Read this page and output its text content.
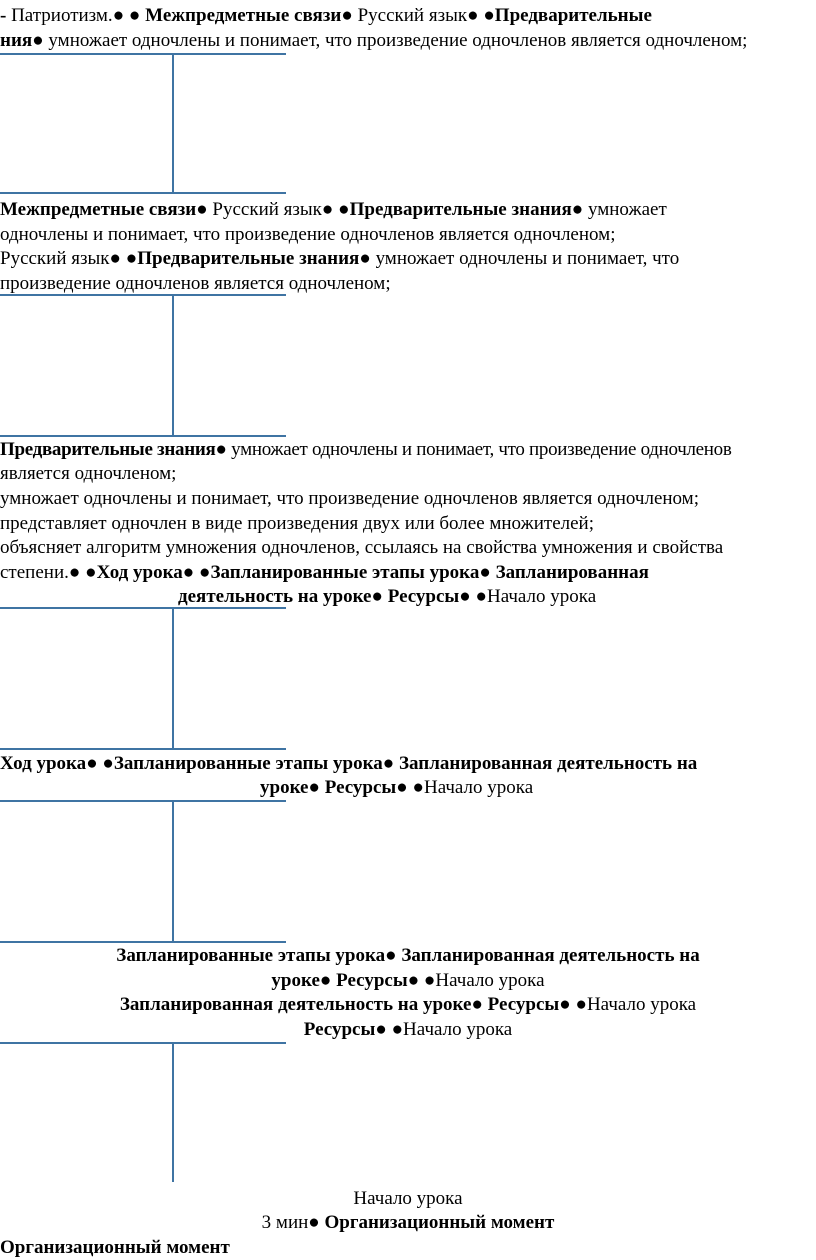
- Патриотизм.● ● Межпредметные связи● Русский язык● ●Предварительные
ния● умножает одночлены и понимает, что произведение одночленов является одночленом;
Межпредметные связи● Русский язык● ●Предварительные знания● умножает
одночлены и понимает, что произведение одночленов является одночленом;
Русский язык● ●Предварительные знания● умножает одночлены и понимает, что
произведение одночленов является одночленом;
Предварительные знания● умножает одночлены и понимает, что произведение одночленов
является одночленом;
умножает одночлены и понимает, что произведение одночленов является одночленом;
представляет одночлен в виде произведения двух или более множителей;
объясняет алгоритм умножения одночленов, ссылаясь на свойства умножения и свойства
степени.● ●Ход урока● ●Запланированные этапы урока● Запланированная
деятельность на уроке● Ресурсы● ●Начало урока
Ход урока● ●Запланированные этапы урока● Запланированная деятельность на
уроке● Ресурсы● ●Начало урока
Запланированные этапы урока● Запланированная деятельность на
уроке● Ресурсы● ●Начало урока
Запланированная деятельность на уроке● Ресурсы● ●Начало урока
Ресурсы● ●Начало урока
Начало урока
3 мин● Организационный момент
Организационный момент
